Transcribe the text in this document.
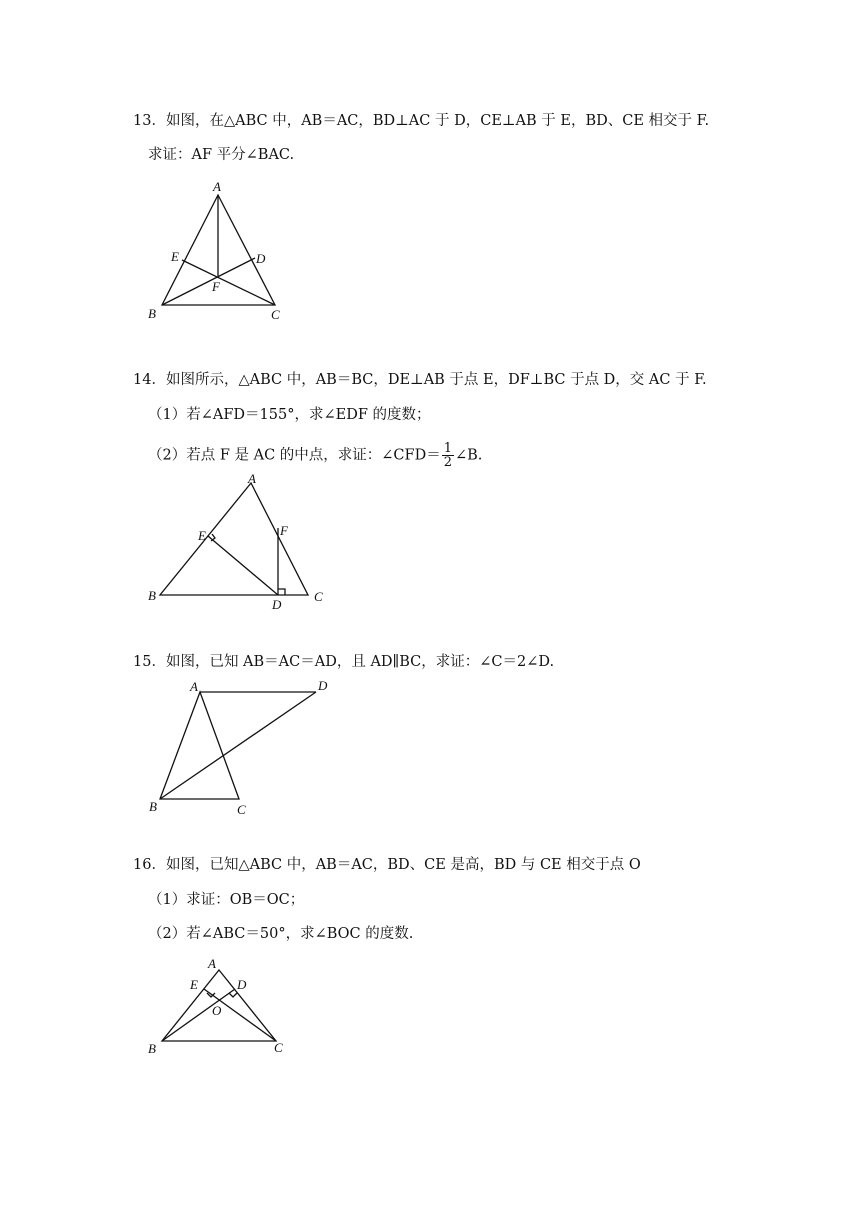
13．如图，在△ABC 中，AB＝AC，BD⊥AC 于 D，CE⊥AB 于 E，BD、CE 相交于 F.
求证：AF 平分∠BAC.
A
E	D
F
B	C
14．如图所示，△ABC 中，AB＝BC，DE⊥AB 于点 E，DF⊥BC 于点 D，交 AC 于 F.
（1）若∠AFD＝155°，求∠EDF 的度数；
（2）若点 F 是 AC 的中点，求证：∠CFD＝ $\frac{1}{2}$ ∠B.
A
E	F
B
D
C
15．如图，已知 AB＝AC＝AD，且 AD∥BC，求证：∠C＝2∠D.
A	D
B	C
16．如图，已知△ABC 中，AB＝AC，BD、CE 是高，BD 与 CE 相交于点 O
（1）求证：OB＝OC；
（2）若∠ABC＝50°，求∠BOC 的度数.
A
E	D
O
B	C
